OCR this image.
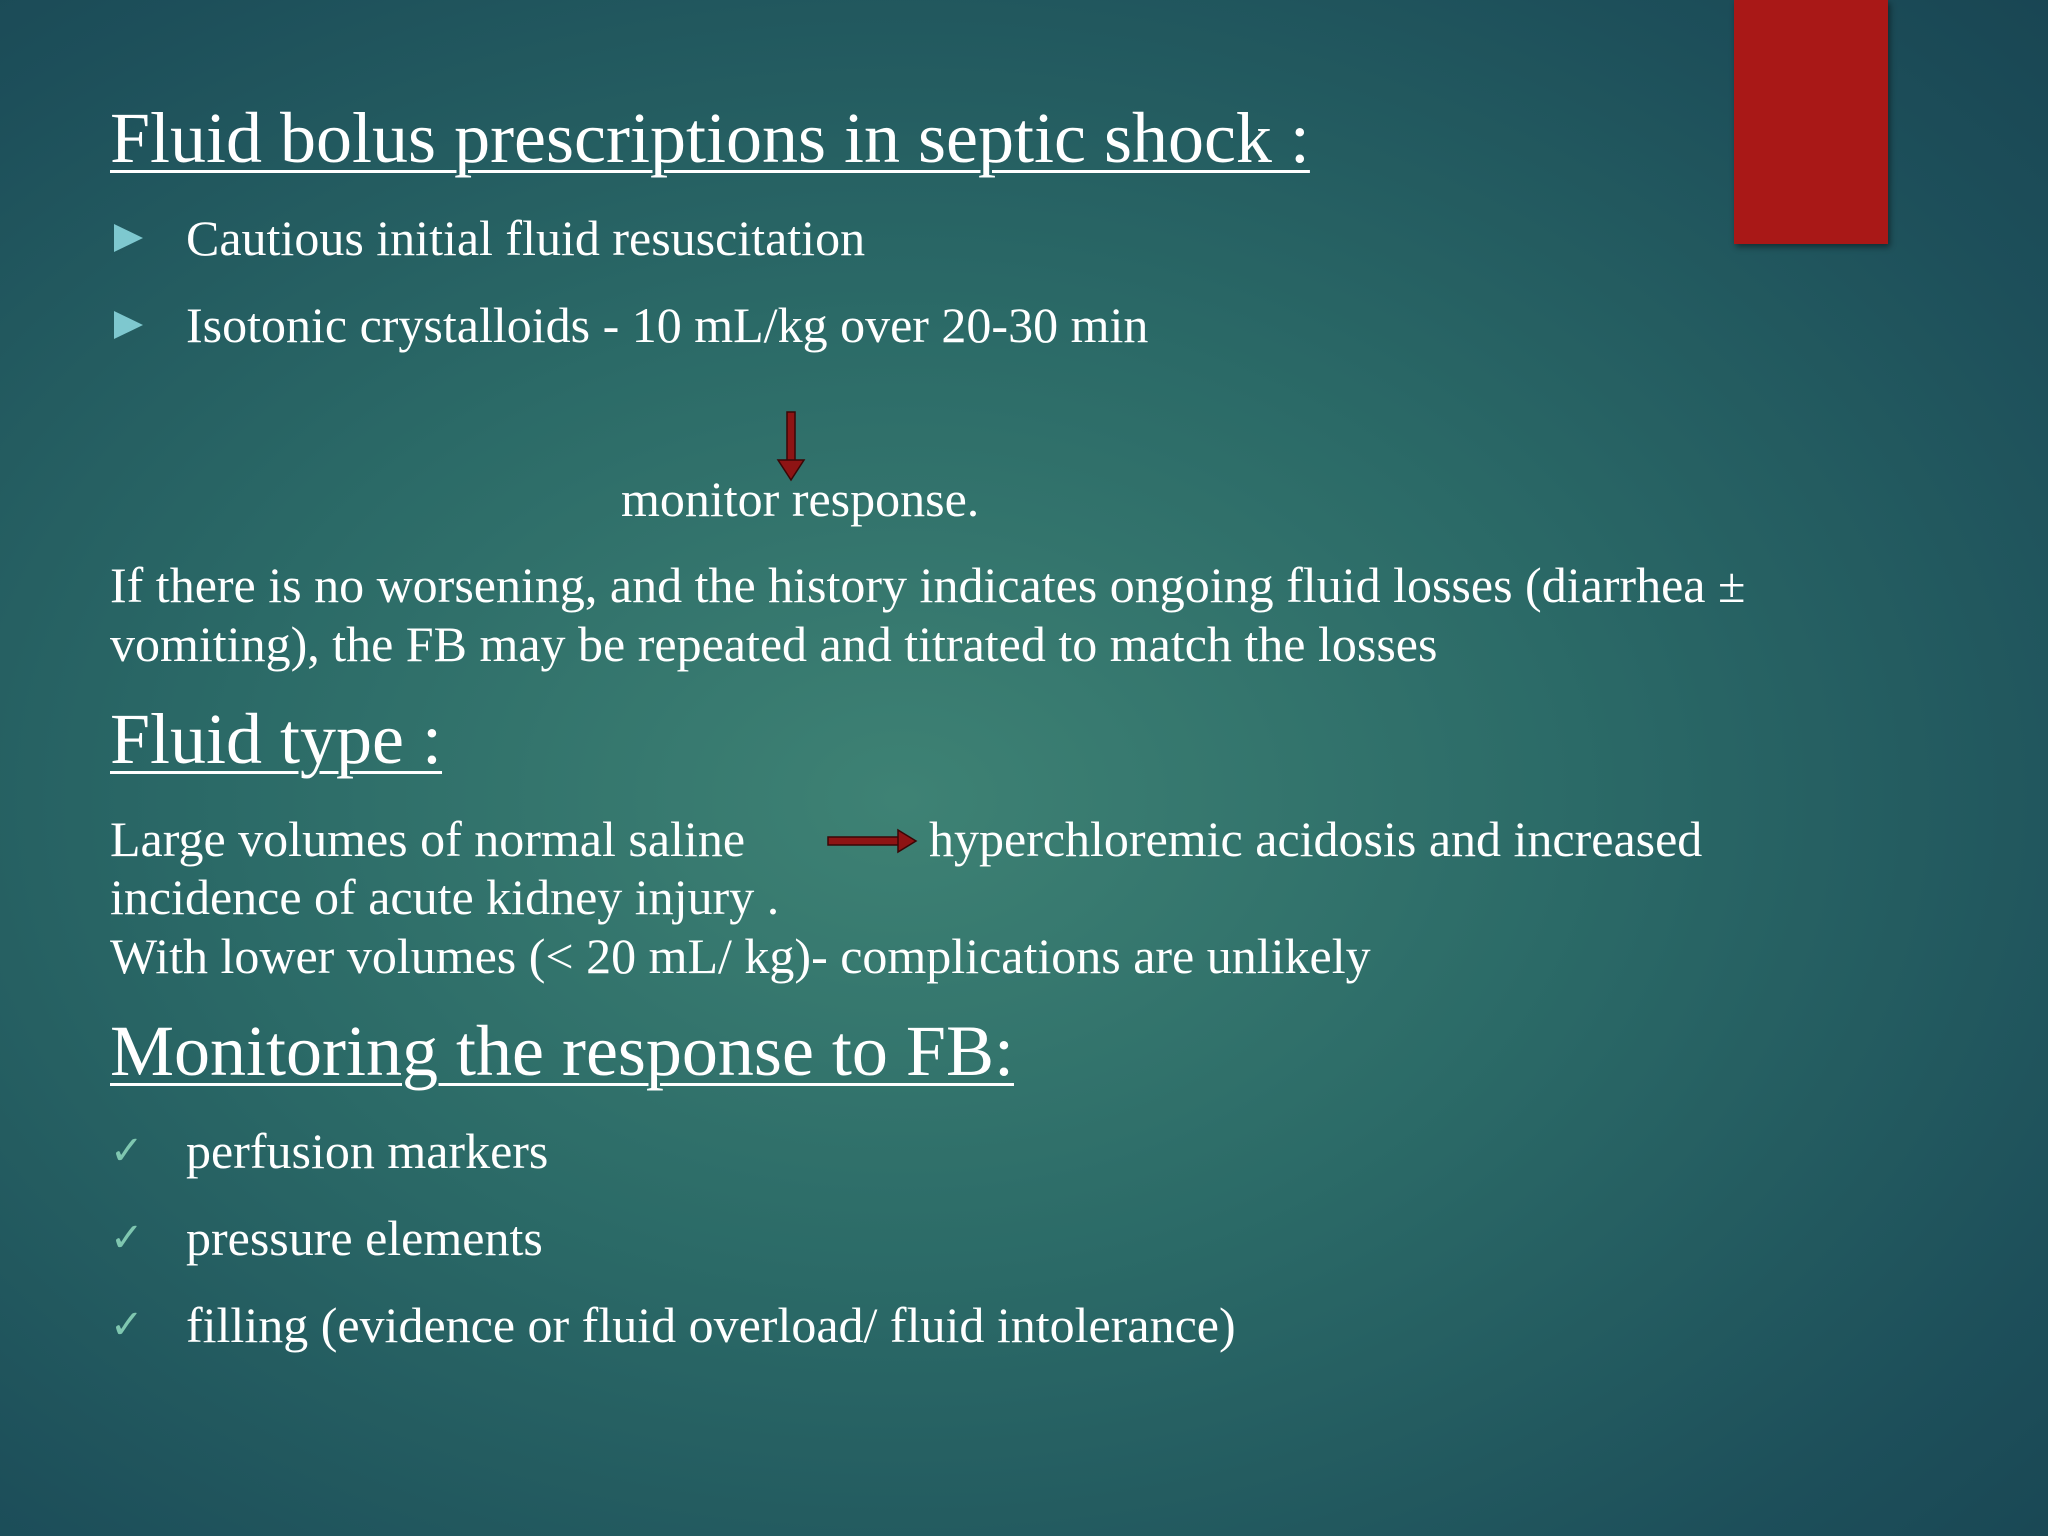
Fluid bolus prescriptions in septic shock :
Cautious initial fluid resuscitation
Isotonic crystalloids - 10 mL/kg over 20-30 min
monitor response.
If there is no worsening, and the history indicates ongoing fluid losses (diarrhea ±
vomiting), the FB may be repeated and titrated to match the losses
Fluid type :
Large volumes of normal saline	hyperchloremic acidosis and increased
incidence of acute kidney injury .
With lower volumes (< 20 mL/ kg)- complications are unlikely
Monitoring the response to FB:
✓ perfusion markers
✓ pressure elements
✓ filling (evidence or fluid overload/ fluid intolerance)
